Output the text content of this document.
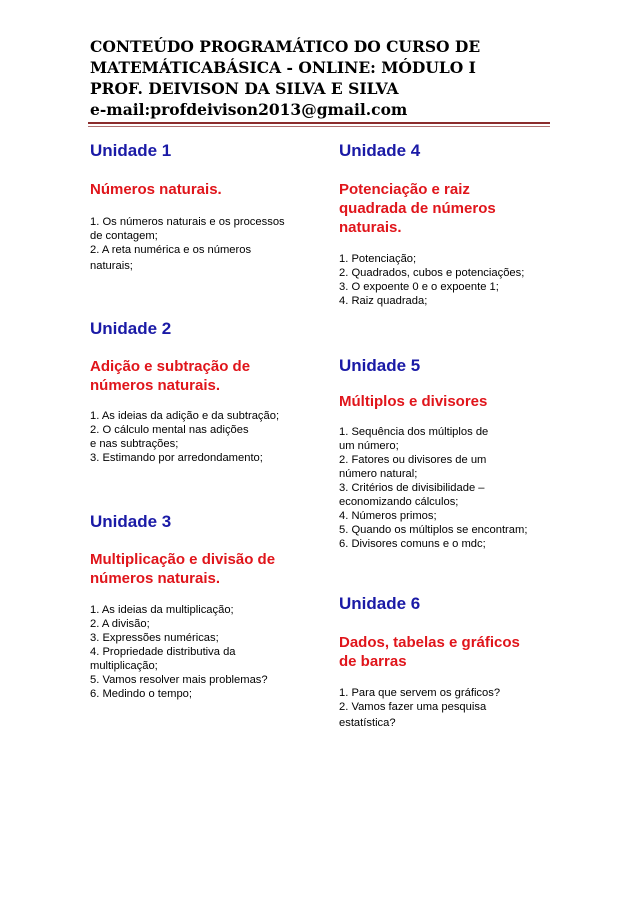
CONTEÚDO PROGRAMÁTICO DO CURSO DE
MATEMÁTICABÁSICA - ONLINE: MÓDULO I
PROF. DEIVISON DA SILVA E SILVA
e-mail:profdeivison2013@gmail.com
Unidade 1
Números naturais.
1. Os números naturais e os processos
de contagem;
2. A reta numérica e os números
naturais;
Unidade 2
Adição e subtração de
números naturais.
1. As ideias da adição e da subtração;
2. O cálculo mental nas adições
e nas subtrações;
3. Estimando por arredondamento;
Unidade 3
Multiplicação e divisão de
números naturais.
1. As ideias da multiplicação;
2. A divisão;
3. Expressões numéricas;
4. Propriedade distributiva da
multiplicação;
5. Vamos resolver mais problemas?
6. Medindo o tempo;
Unidade 4
Potenciação e raiz
quadrada de números
naturais.
1. Potenciação;
2. Quadrados, cubos e potenciações;
3. O expoente 0 e o expoente 1;
4. Raiz quadrada;
Unidade 5
Múltiplos e divisores
1. Sequência dos múltiplos de
um número;
2. Fatores ou divisores de um
número natural;
3. Critérios de divisibilidade –
economizando cálculos;
4. Números primos;
5. Quando os múltiplos se encontram;
6. Divisores comuns e o mdc;
Unidade 6
Dados, tabelas e gráficos
de barras
1. Para que servem os gráficos?
2. Vamos fazer uma pesquisa
estatística?
